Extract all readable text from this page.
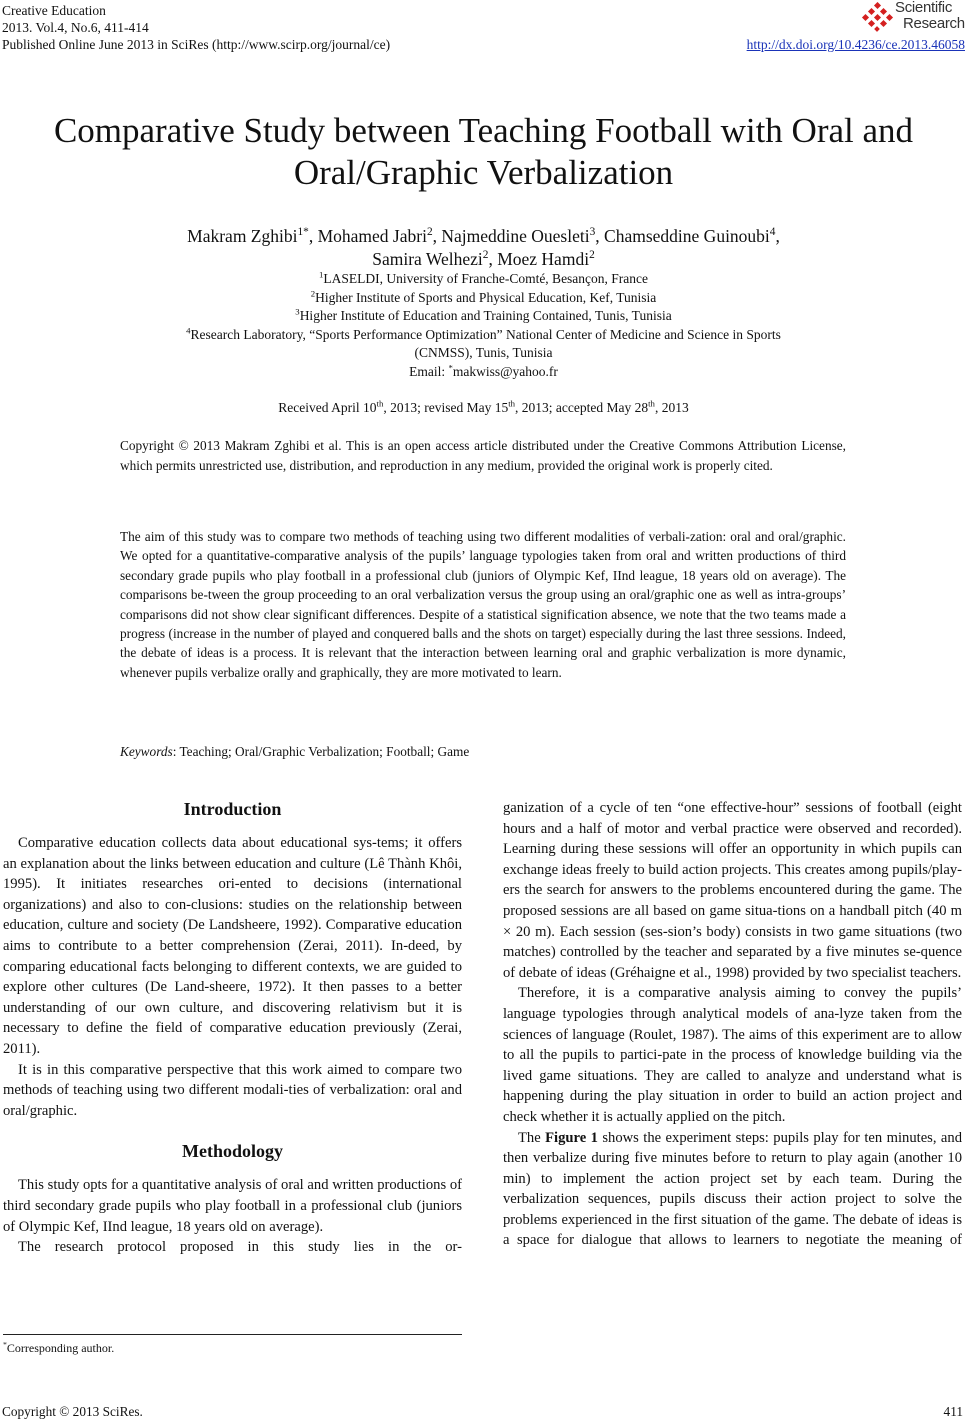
Creative Education
2013. Vol.4, No.6, 411-414
Published Online June 2013 in SciRes (http://www.scirp.org/journal/ce)	http://dx.doi.org/10.4236/ce.2013.46058
Scientific
Research
Comparative Study between Teaching Football with Oral and
Oral/Graphic Verbalization
Makram Zghibi$^{1*}$, Mohamed Jabri$^2$, Najmeddine Ouesleti$^3$, Chamseddine Guinoubi$^4$,
Samira Welhezi$^2$, Moez Hamdi$^2$
$^1$LASELDI, University of Franche-Comté, Besançon, France
$^2$Higher Institute of Sports and Physical Education, Kef, Tunisia
$^3$Higher Institute of Education and Training Contained, Tunis, Tunisia
$^4$Research Laboratory, “Sports Performance Optimization” National Center of Medicine and Science in Sports
(CNMSS), Tunis, Tunisia
Email: *makwiss@yahoo.fr
Received April 10th, 2013; revised May 15th, 2013; accepted May 28th, 2013
Copyright © 2013 Makram Zghibi et al. This is an open access article distributed under the Creative Commons Attribution License, which permits unrestricted use, distribution, and reproduction in any medium, provided the original work is properly cited.
The aim of this study was to compare two methods of teaching using two different modalities of verbali-zation: oral and oral/graphic. We opted for a quantitative-comparative analysis of the pupils’ language typologies taken from oral and written productions of third secondary grade pupils who play football in a professional club (juniors of Olympic Kef, IInd league, 18 years old on average). The comparisons be-tween the group proceeding to an oral verbalization versus the group using an oral/graphic one as well as intra-groups’ comparisons did not show clear significant differences. Despite of a statistical signification absence, we note that the two teams made a progress (increase in the number of played and conquered balls and the shots on target) especially during the last three sessions. Indeed, the debate of ideas is a process. It is relevant that the interaction between learning oral and graphic verbalization is more dynamic, whenever pupils verbalize orally and graphically, they are more motivated to learn.
Keywords: Teaching; Oral/Graphic Verbalization; Football; Game
Introduction

Comparative education collects data about educational sys-tems; it offers an explanation about the links between education and culture (Lê Thành Khôi, 1995). It initiates researches ori-ented to decisions (international organizations) and also to con-clusions: studies on the relationship between education, culture and society (De Landsheere, 1992). Comparative education aims to contribute to a better comprehension (Zerai, 2011). In-deed, by comparing educational facts belonging to different contexts, we are guided to explore other cultures (De Land-sheere, 1972). It then passes to a better understanding of our own culture, and discovering relativism but it is necessary to define the field of comparative education previously (Zerai, 2011).

It is in this comparative perspective that this work aimed to compare two methods of teaching using two different modali-ties of verbalization: oral and oral/graphic.

Methodology

This study opts for a quantitative analysis of oral and written productions of third secondary grade pupils who play football in a professional club (juniors of Olympic Kef, IInd league, 18 years old on average).

The research protocol proposed in this study lies in the or-

ganization of a cycle of ten “one effective-hour” sessions of football (eight hours and a half of motor and verbal practice were observed and recorded). Learning during these sessions will offer an opportunity in which pupils can exchange ideas freely to build action projects. This creates among pupils/play-ers the search for answers to the problems encountered during the game. The proposed sessions are all based on game situa-tions on a handball pitch (40 m × 20 m). Each session (ses-sion’s body) consists in two game situations (two matches) controlled by the teacher and separated by a five minutes se-quence of debate of ideas (Gréhaigne et al., 1998) provided by two specialist teachers.

Therefore, it is a comparative analysis aiming to convey the pupils’ language typologies through analytical models of ana-lyze taken from the sciences of language (Roulet, 1987). The aims of this experiment are to allow to all the pupils to partici-pate in the process of knowledge building via the lived game situations. They are called to analyze and understand what is happening during the play situation in order to build an action project and check whether it is actually applied on the pitch.

The Figure 1 shows the experiment steps: pupils play for ten minutes, and then verbalize during five minutes before to return to play again (another 10 min) to implement the action project set by each team. During the verbalization sequences, pupils discuss their action project to solve the problems experienced in the first situation of the game. The debate of ideas is a space for dialogue that allows to learners to negotiate the meaning of

*Corresponding author.
Copyright © 2013 SciRes.	411
